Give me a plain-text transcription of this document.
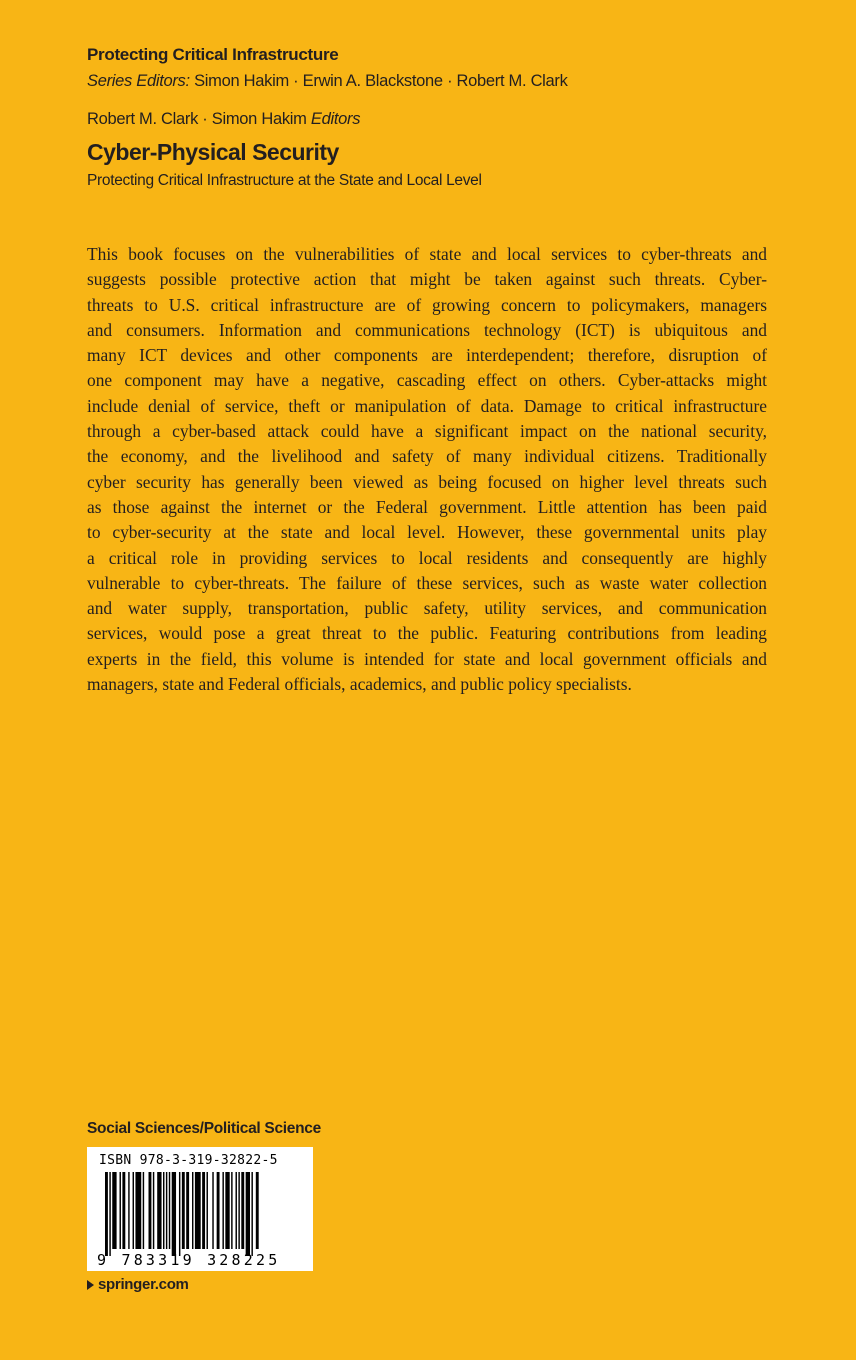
Protecting Critical Infrastructure
Series Editors: Simon Hakim · Erwin A. Blackstone · Robert M. Clark
Robert M. Clark · Simon Hakim Editors
Cyber-Physical Security
Protecting Critical Infrastructure at the State and Local Level
This book focuses on the vulnerabilities of state and local services to cyber-threats and
suggests possible protective action that might be taken against such threats. Cyber-
threats to U.S. critical infrastructure are of growing concern to policymakers, managers
and consumers. Information and communications technology (ICT) is ubiquitous and
many ICT devices and other components are interdependent; therefore, disruption of
one component may have a negative, cascading effect on others. Cyber-attacks might
include denial of service, theft or manipulation of data. Damage to critical infrastructure
through a cyber-based attack could have a significant impact on the national security,
the economy, and the livelihood and safety of many individual citizens. Traditionally
cyber security has generally been viewed as being focused on higher level threats such
as those against the internet or the Federal government. Little attention has been paid
to cyber-security at the state and local level. However, these governmental units play
a critical role in providing services to local residents and consequently are highly
vulnerable to cyber-threats. The failure of these services, such as waste water collection
and water supply, transportation, public safety, utility services, and communication
services, would pose a great threat to the public. Featuring contributions from leading
experts in the field, this volume is intended for state and local government officials and
managers, state and Federal officials, academics, and public policy specialists.
Social Sciences/Political Science
ISBN 978-3-319-32822-5
9 783319 328225
springer.com
